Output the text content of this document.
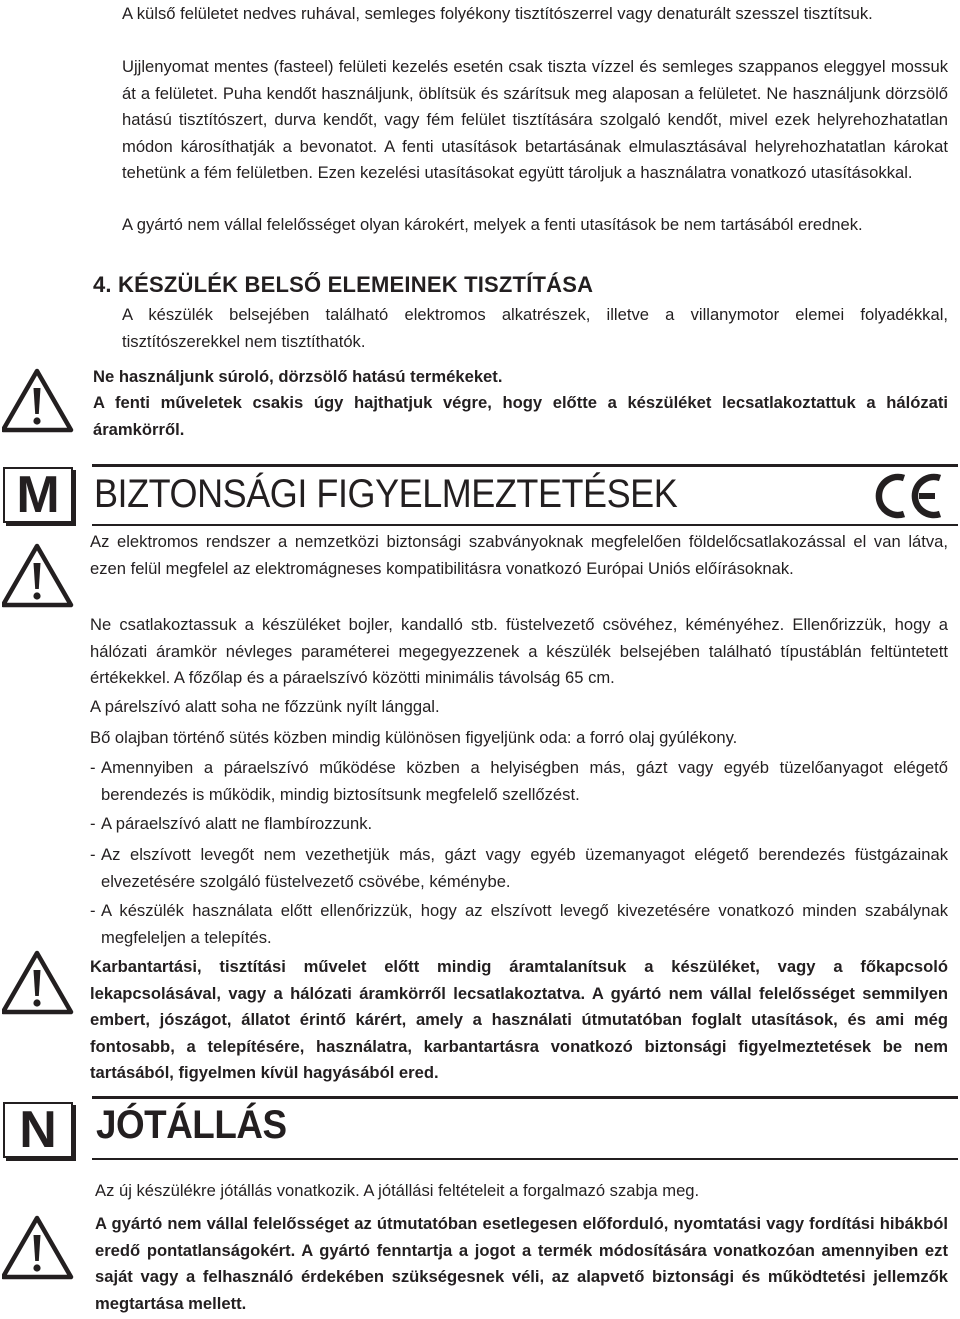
A külső felületet nedves ruhával, semleges folyékony tisztítószerrel vagy denaturált szesszel tisztítsuk.

Ujjlenyomat mentes (fasteel) felületi kezelés esetén csak tiszta vízzel és semleges szappanos eleggyel mossuk át a felületet. Puha kendőt használjunk, öblítsük és szárítsuk meg alaposan a felületet. Ne használjunk dörzsölő hatású tisztítószert, durva kendőt, vagy fém felület tisztítására szolgaló kendőt, mivel ezek helyrehozhatatlan módon károsíthatják a bevonatot. A fenti utasítások betartásának elmulasztásával helyrehozhatatlan károkat tehetünk a fém felületben. Ezen kezelési utasításokat együtt tároljuk a használatra vonatkozó utasításokkal.

A gyártó nem vállal felelősséget olyan károkért, melyek a fenti utasítások be nem tartásából erednek.

4. KÉSZÜLÉK BELSŐ ELEMEINEK TISZTÍTÁSA

A készülék belsejében található elektromos alkatrészek, illetve a villanymotor elemei folyadékkal, tisztítószerekkel nem tisztíthatók.

Ne használjunk súroló, dörzsölő hatású termékeket.

A fenti műveletek csakis úgy hajthatjuk végre, hogy előtte a készüléket lecsatlakoztattuk a hálózati áramkörről.

M BIZTONSÁGI FIGYELMEZTETÉSEK

Az elektromos rendszer a nemzetközi biztonsági szabványoknak megfelelően földelőcsatlakozással el van látva, ezen felül megfelel az elektromágneses kompatibilitásra vonatkozó Európai Uniós előírásoknak.

Ne csatlakoztassuk a készüléket bojler, kandalló stb. füstelvezető csövéhez, kéményéhez. Ellenőrizzük, hogy a hálózati áramkör névleges paraméterei megegyezzenek a készülék belsejében található típustáblán feltüntetett értékekkel. A főzőlap és a páraelszívó közötti minimális távolság 65 cm.

A párelszívó alatt soha ne főzzünk nyílt lánggal.

Bő olajban történő sütés közben mindig különösen figyeljünk oda: a forró olaj gyúlékony.

- Amennyiben a páraelszívó működése közben a helyiségben más, gázt vagy egyéb tüzelőanyagot elégető berendezés is működik, mindig biztosítsunk megfelelő szellőzést.

- A páraelszívó alatt ne flambírozzunk.

- Az elszívott levegőt nem vezethetjük más, gázt vagy egyéb üzemanyagot elégető berendezés füstgázainak elvezetésére szolgáló füstelvezető csövébe, kéménybe.

- A készülék használata előtt ellenőrizzük, hogy az elszívott levegő kivezetésére vonatkozó minden szabálynak megfeleljen a telepítés.

Karbantartási, tisztítási művelet előtt mindig áramtalanítsuk a készüléket, vagy a főkapcsoló lekapcsolásával, vagy a hálózati áramkörről lecsatlakoztatva. A gyártó nem vállal felelősséget semmilyen embert, jószágot, állatot érintő kárért, amely a használati útmutatóban foglalt utasítások, és ami még fontosabb, a telepítésére, használatra, karbantartásra vonatkozó biztonsági figyelmeztetések be nem tartásából, figyelmen kívül hagyásából ered.

N JÓTÁLLÁS

Az új készülékre jótállás vonatkozik. A jótállási feltételeit a forgalmazó szabja meg.

A gyártó nem vállal felelősséget az útmutatóban esetlegesen előforduló, nyomtatási vagy fordítási hibákból eredő pontatlanságokért. A gyártó fenntartja a jogot a termék módosítására vonatkozóan amennyiben ezt saját vagy a felhasználó érdekében szükségesnek véli, az alapvető biztonsági és működtetési jellemzők megtartása mellett.
